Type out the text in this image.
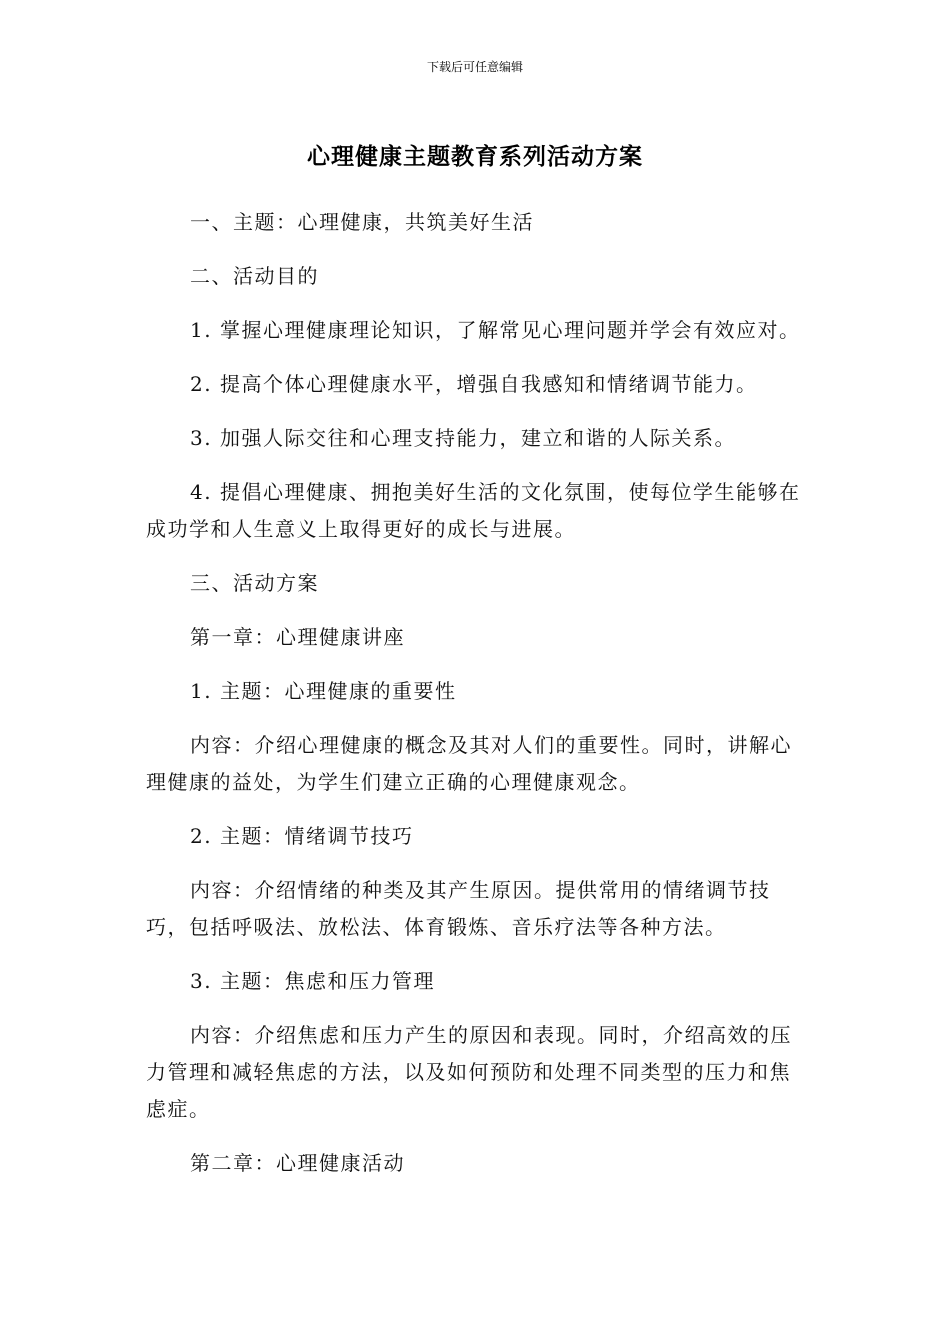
下载后可任意编辑
心理健康主题教育系列活动方案

一、主题：心理健康，共筑美好生活

二、活动目的

1. 掌握心理健康理论知识，了解常见心理问题并学会有效应对。

2. 提高个体心理健康水平，增强自我感知和情绪调节能力。

3. 加强人际交往和心理支持能力，建立和谐的人际关系。

4. 提倡心理健康、拥抱美好生活的文化氛围，使每位学生能够在成功学和人生意义上取得更好的成长与进展。

三、活动方案

第一章：心理健康讲座

1. 主题：心理健康的重要性

内容：介绍心理健康的概念及其对人们的重要性。同时，讲解心理健康的益处，为学生们建立正确的心理健康观念。

2. 主题：情绪调节技巧

内容：介绍情绪的种类及其产生原因。提供常用的情绪调节技巧，包括呼吸法、放松法、体育锻炼、音乐疗法等各种方法。

3. 主题：焦虑和压力管理

内容：介绍焦虑和压力产生的原因和表现。同时，介绍高效的压力管理和减轻焦虑的方法，以及如何预防和处理不同类型的压力和焦虑症。

第二章：心理健康活动
